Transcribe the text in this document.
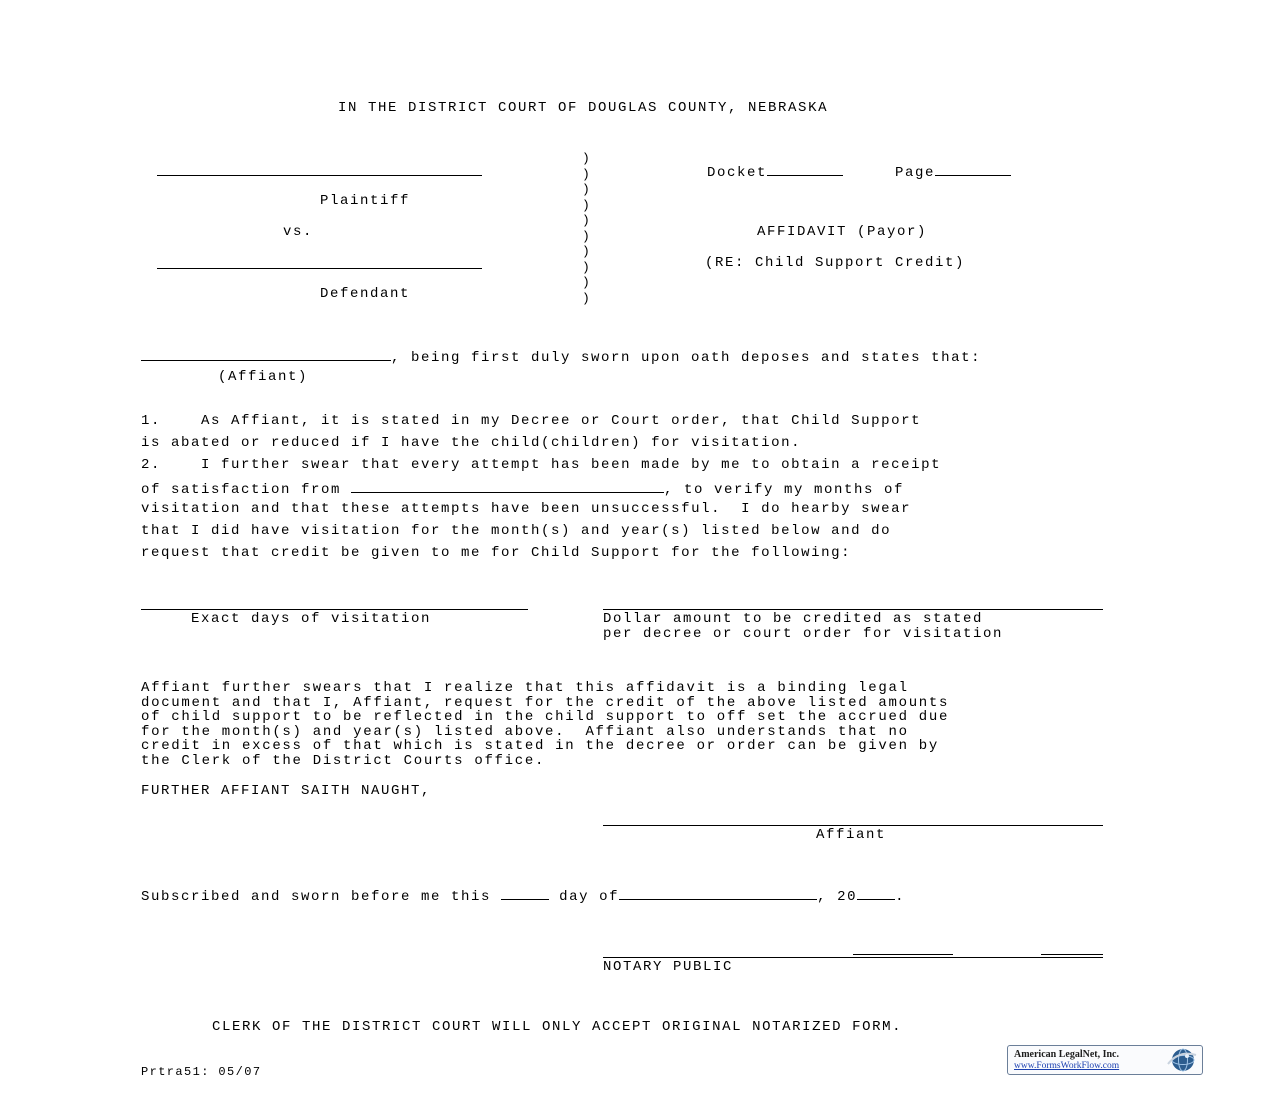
IN THE DISTRICT COURT OF DOUGLAS COUNTY, NEBRASKA
Plaintiff
vs.
Defendant
)
)
)
)
)
)
)
)
)
)
Docket	Page
AFFIDAVIT (Payor)
(RE: Child Support Credit)
, being first duly sworn upon oath deposes and states that:
(Affiant)
1.    As Affiant, it is stated in my Decree or Court order, that Child Support
is abated or reduced if I have the child(children) for visitation.
2.    I further swear that every attempt has been made by me to obtain a receipt
of satisfaction from	, to verify my months of
visitation and that these attempts have been unsuccessful.  I do hearby swear
that I did have visitation for the month(s) and year(s) listed below and do
request that credit be given to me for Child Support for the following:
Exact days of visitation	Dollar amount to be credited as stated
per decree or court order for visitation
Affiant further swears that I realize that this affidavit is a binding legal
document and that I, Affiant, request for the credit of the above listed amounts
of child support to be reflected in the child support to off set the accrued due
for the month(s) and year(s) listed above.  Affiant also understands that no
credit in excess of that which is stated in the decree or order can be given by
the Clerk of the District Courts office.
FURTHER AFFIANT SAITH NAUGHT,
Affiant
Subscribed and sworn before me this	day of	, 20	.
NOTARY PUBLIC
CLERK OF THE DISTRICT COURT WILL ONLY ACCEPT ORIGINAL NOTARIZED FORM.
Prtra51: 05/07
American LegalNet, Inc.
www.FormsWorkFlow.com
